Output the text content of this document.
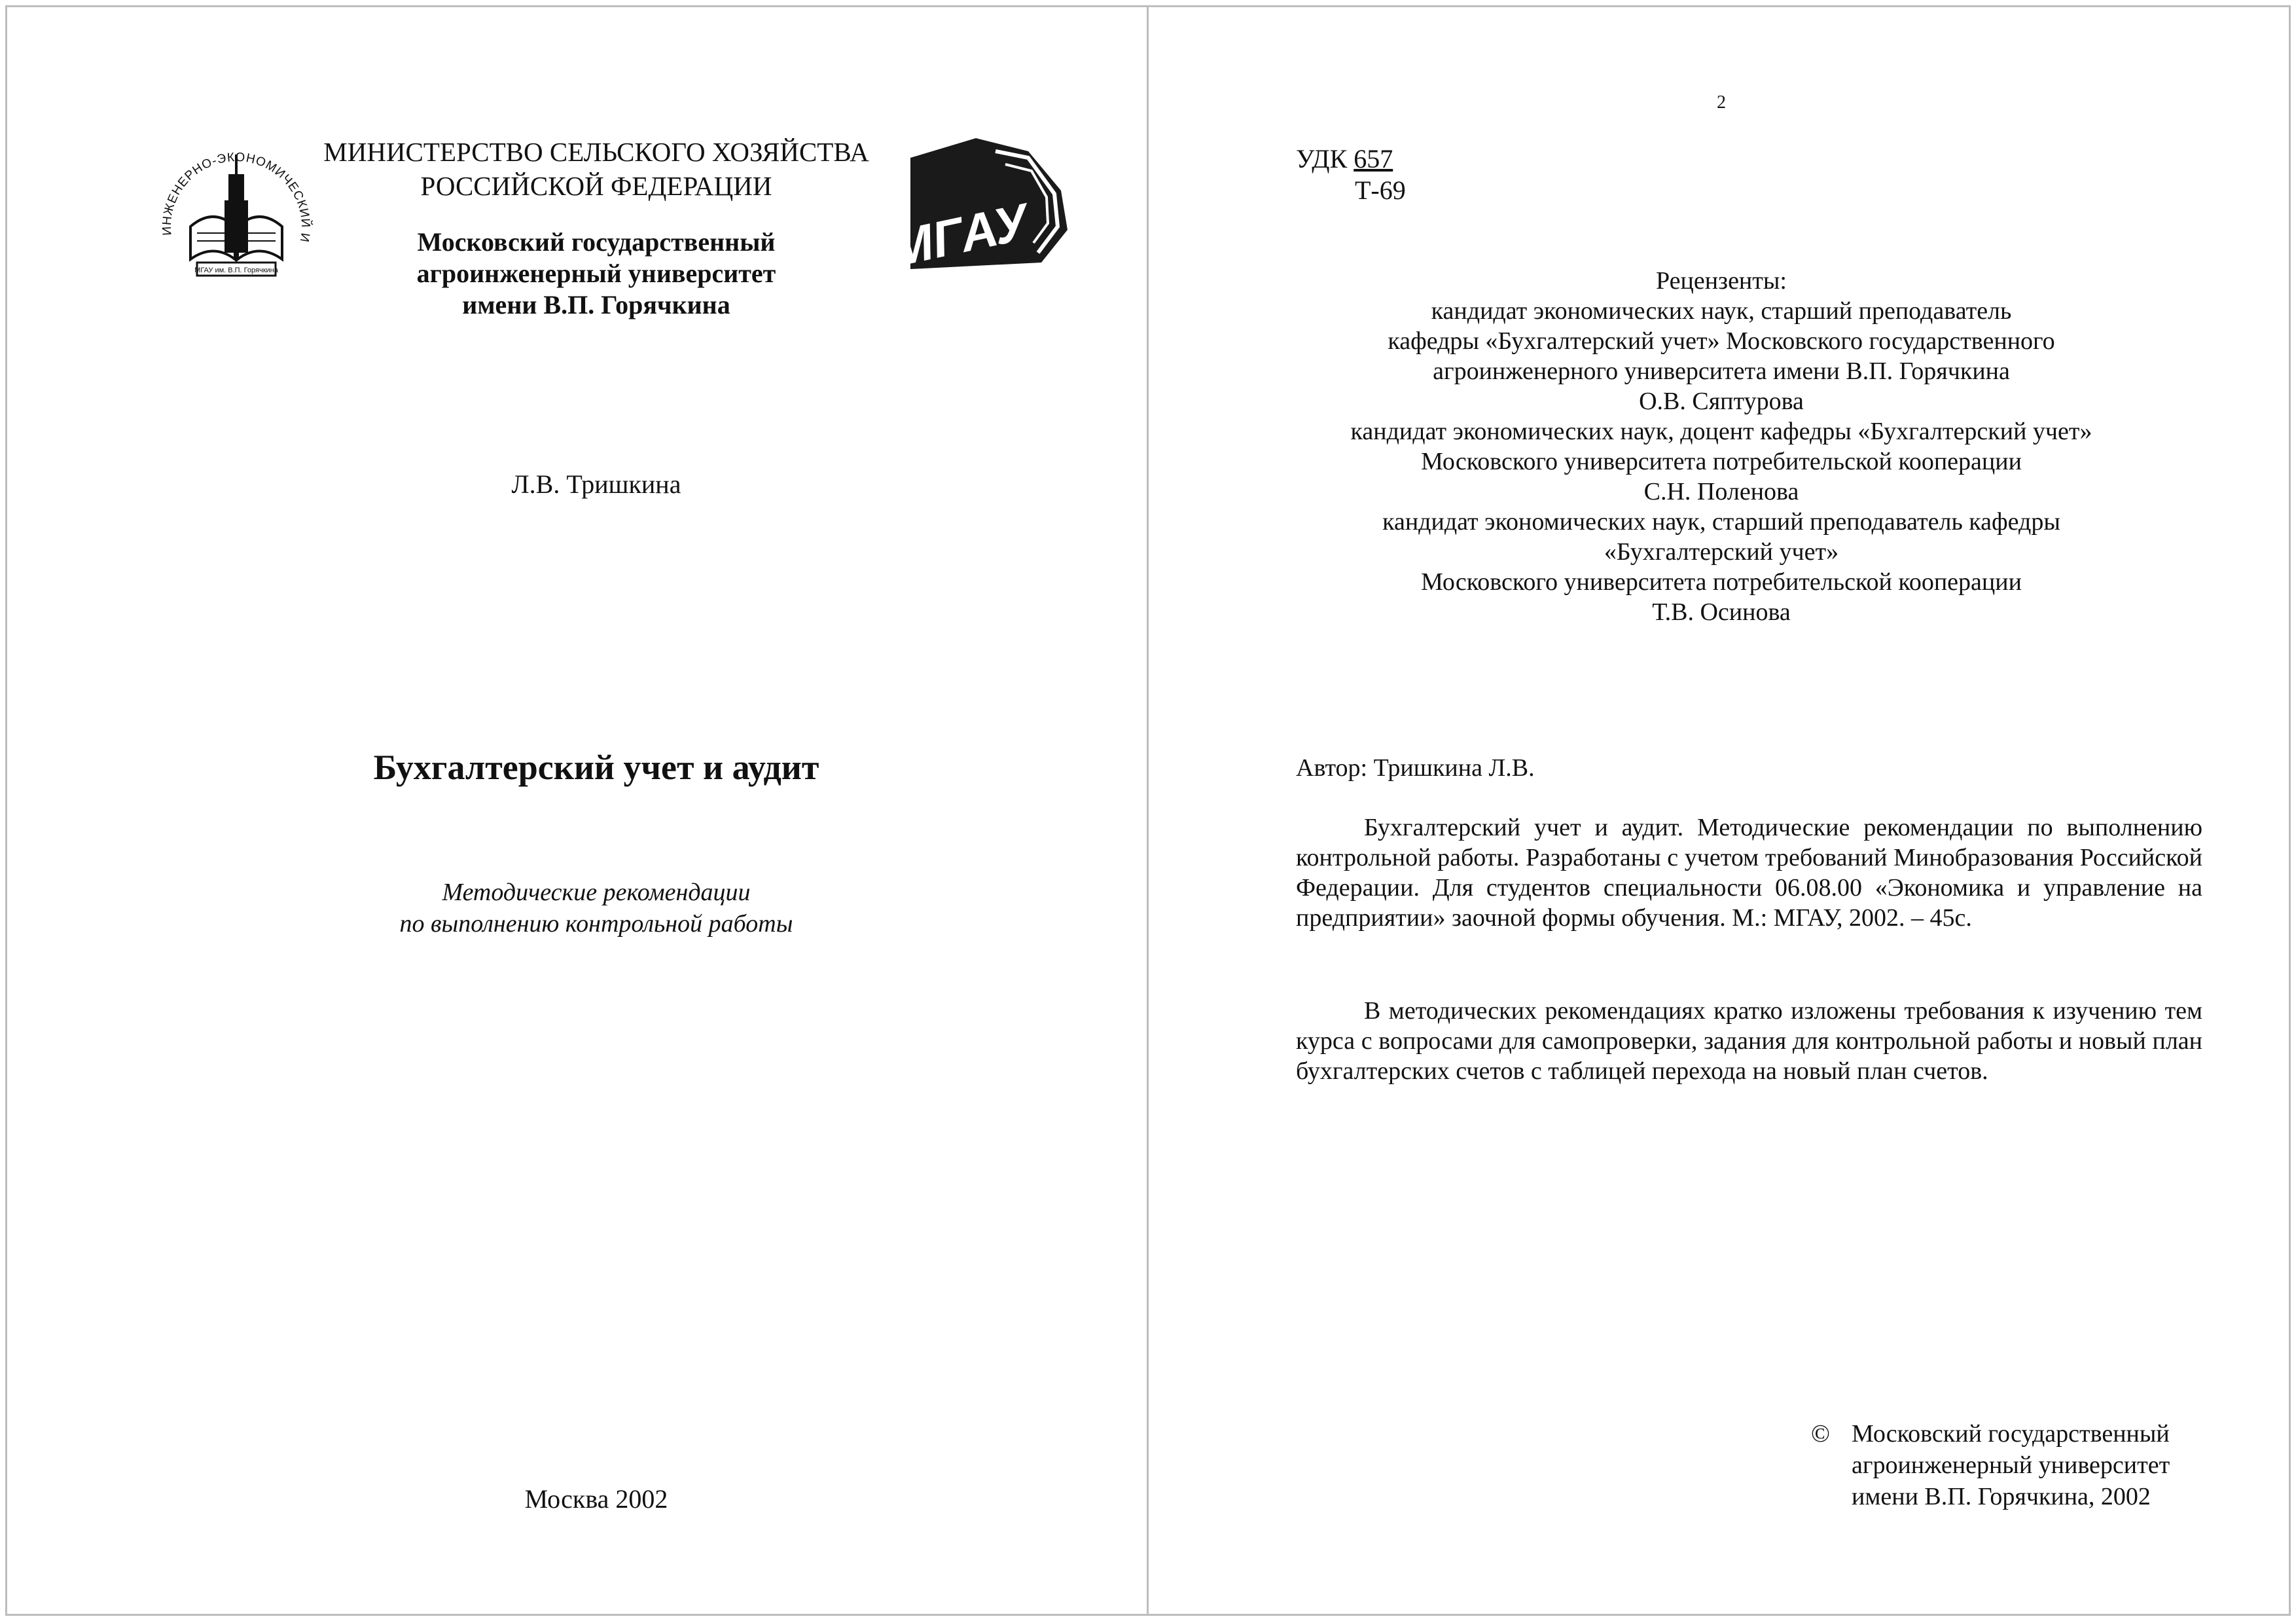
ИНЖЕНЕРНО-ЭКОНОМИЧЕСКИЙ И
МГАУ им. В.П. Горячкина
МИНИСТЕРСТВО СЕЛЬСКОГО ХОЗЯЙСТВА
РОССИЙСКОЙ ФЕДЕРАЦИИ
Московский государственный
агроинженерный университет
имени В.П. Горячкина
МГАУ
Л.В. Тришкина
Бухгалтерский учет и аудит
Методические рекомендации
по выполнению контрольной работы
Москва 2002
2
УДК 657
Т-69
Рецензенты:
кандидат экономических наук, старший преподаватель
кафедры «Бухгалтерский учет» Московского государственного
агроинженерного университета имени В.П. Горячкина
О.В. Сяптурова
кандидат экономических наук, доцент кафедры «Бухгалтерский учет»
Московского университета потребительской кооперации
С.Н. Поленова
кандидат экономических наук, старший преподаватель кафедры
«Бухгалтерский учет»
Московского университета потребительской кооперации
Т.В. Осинова
Автор: Тришкина Л.В.
Бухгалтерский учет и аудит. Методические рекомендации по выполнению контрольной работы. Разработаны с учетом требований Минобразования Российской Федерации. Для студентов специальности 06.08.00 «Экономика и управление на предприятии» заочной формы обучения. М.: МГАУ, 2002. – 45с.
В методических рекомендациях кратко изложены требования к изучению тем курса с вопросами для самопроверки, задания для контрольной работы и новый план бухгалтерских счетов с таблицей перехода на новый план счетов.
© Московский государственный
агроинженерный университет
имени В.П. Горячкина, 2002
